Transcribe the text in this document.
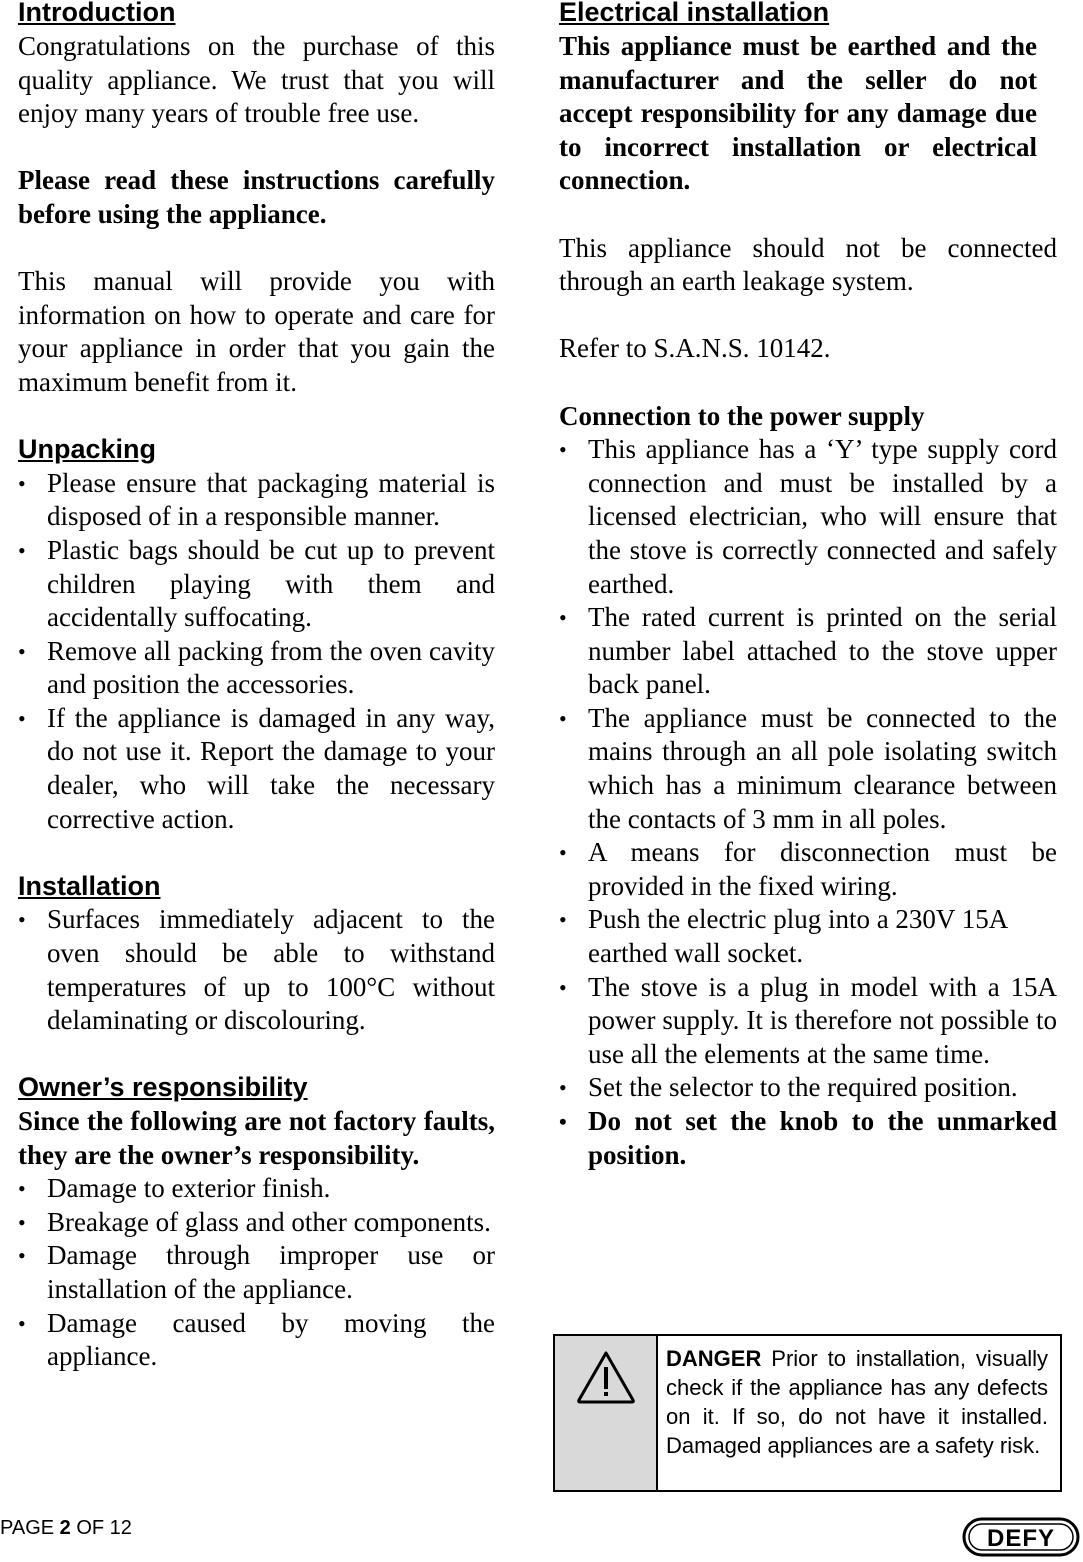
Introduction

Congratulations on the purchase of this quality appliance. We trust that you will enjoy many years of trouble free use.

Please read these instructions carefully before using the appliance.

This manual will provide you with information on how to operate and care for your appliance in order that you gain the maximum benefit from it.

Unpacking
• Please ensure that packaging material is disposed of in a responsible manner.
• Plastic bags should be cut up to prevent children playing with them and accidentally suffocating.
• Remove all packing from the oven cavity and position the accessories.
• If the appliance is damaged in any way, do not use it. Report the damage to your dealer, who will take the necessary corrective action.
Installation
• Surfaces immediately adjacent to the oven should be able to withstand temperatures of up to 100°C without delaminating or discolouring.
Owner’s responsibility

Since the following are not factory faults, they are the owner’s responsibility.

• Damage to exterior finish.
• Breakage of glass and other components.
• Damage through improper use or installation of the appliance.
• Damage caused by moving the appliance.
Electrical installation

This appliance must be earthed and the manufacturer and the seller do not accept responsibility for any damage due to incorrect installation or electrical connection.

This appliance should not be connected through an earth leakage system.

Refer to S.A.N.S. 10142.

Connection to the power supply

• This appliance has a ‘Y’ type supply cord connection and must be installed by a licensed electrician, who will ensure that the stove is correctly connected and safely earthed.
• The rated current is printed on the serial number label attached to the stove upper back panel.
• The appliance must be connected to the mains through an all pole isolating switch which has a minimum clearance between the contacts of 3 mm in all poles.
• A means for disconnection must be provided in the fixed wiring.
• Push the electric plug into a 230V 15A earthed wall socket.
• The stove is a plug in model with a 15A power supply. It is therefore not possible to use all the elements at the same time.
• Set the selector to the required position.
• Do not set the knob to the unmarked position.
DANGER Prior to installation, visually check if the appliance has any defects on it. If so, do not have it installed. Damaged appliances are a safety risk.
PAGE 2 OF 12	DEFY
